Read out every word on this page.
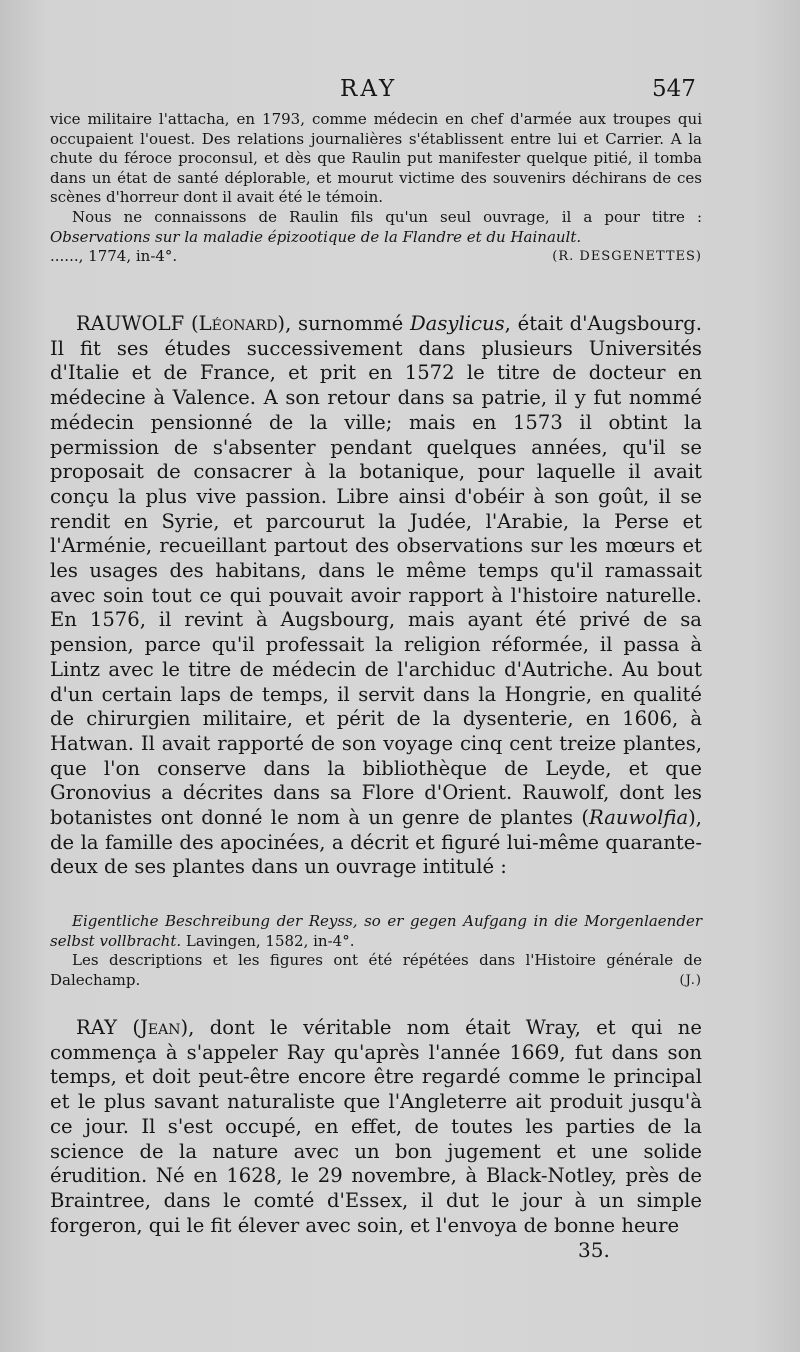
RAY	547
vice militaire l'attacha, en 1793, comme médecin en chef d'armée aux troupes qui occupaient l'ouest. Des relations journalières s'établissent entre lui et Carrier. A la chute du féroce proconsul, et dès que Raulin put manifester quelque pitié, il tomba dans un état de santé déplorable, et mourut victime des souvenirs déchirans de ces scènes d'horreur dont il avait été le témoin.
Nous ne connaissons de Raulin fils qu'un seul ouvrage, il a pour titre : Observations sur la maladie épizootique de la Flandre et du Hainault.
......, 1774, in-4°.	(R. DESGENETTES)
RAUWOLF (Léonard), surnommé Dasylicus, était d'Augsbourg. Il fit ses études successivement dans plusieurs Universités d'Italie et de France, et prit en 1572 le titre de docteur en médecine à Valence. A son retour dans sa patrie, il y fut nommé médecin pensionné de la ville; mais en 1573 il obtint la permission de s'absenter pendant quelques années, qu'il se proposait de consacrer à la botanique, pour laquelle il avait conçu la plus vive passion. Libre ainsi d'obéir à son goût, il se rendit en Syrie, et parcourut la Judée, l'Arabie, la Perse et l'Arménie, recueillant partout des observations sur les mœurs et les usages des habitans, dans le même temps qu'il ramassait avec soin tout ce qui pouvait avoir rapport à l'histoire naturelle. En 1576, il revint à Augsbourg, mais ayant été privé de sa pension, parce qu'il professait la religion réformée, il passa à Lintz avec le titre de médecin de l'archiduc d'Autriche. Au bout d'un certain laps de temps, il servit dans la Hongrie, en qualité de chirurgien militaire, et périt de la dysenterie, en 1606, à Hatwan. Il avait rapporté de son voyage cinq cent treize plantes, que l'on conserve dans la bibliothèque de Leyde, et que Gronovius a décrites dans sa Flore d'Orient. Rauwolf, dont les botanistes ont donné le nom à un genre de plantes (Rauwolfia), de la famille des apocinées, a décrit et figuré lui-même quarante-deux de ses plantes dans un ouvrage intitulé :
Eigentliche Beschreibung der Reyss, so er gegen Aufgang in die Morgenlaender selbst vollbracht. Lavingen, 1582, in-4°.
Les descriptions et les figures ont été répétées dans l'Histoire générale de Dalechamp.	(J.)
RAY (Jean), dont le véritable nom était Wray, et qui ne commença à s'appeler Ray qu'après l'année 1669, fut dans son temps, et doit peut-être encore être regardé comme le principal et le plus savant naturaliste que l'Angleterre ait produit jusqu'à ce jour. Il s'est occupé, en effet, de toutes les parties de la science de la nature avec un bon jugement et une solide érudition. Né en 1628, le 29 novembre, à Black-Notley, près de Braintree, dans le comté d'Essex, il dut le jour à un simple forgeron, qui le fit élever avec soin, et l'envoya de bonne heure
35.
